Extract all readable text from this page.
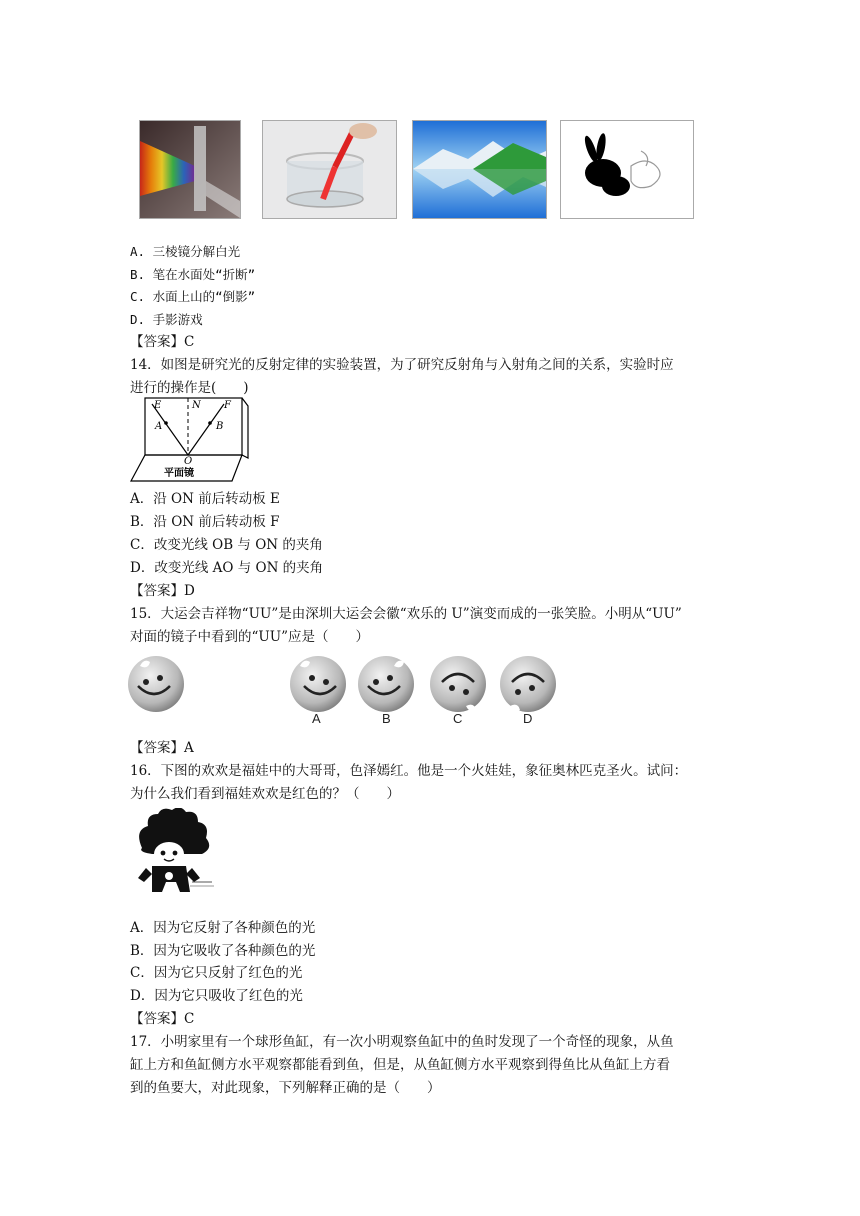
A. 三棱镜分解白光
B. 笔在水面处“折断”
C. 水面上山的“倒影”
D. 手影游戏
【答案】C
14．如图是研究光的反射定律的实验装置，为了研究反射角与入射角之间的关系，实验时应
进行的操作是(　　)
E	N F
A	B
O
平面镜
A．沿 ON 前后转动板 E
B．沿 ON 前后转动板 F
C．改变光线 OB 与 ON 的夹角
D．改变光线 AO 与 ON 的夹角
【答案】D
15．大运会吉祥物“UU”是由深圳大运会会徽“欢乐的 U”演变而成的一张笑脸。小明从“UU”
对面的镜子中看到的“UU”应是（　　）
A	B	C	D
【答案】A
16．下图的欢欢是福娃中的大哥哥，色泽嫣红。他是一个火娃娃，象征奥林匹克圣火。试问：
为什么我们看到福娃欢欢是红色的？（　　）
A．因为它反射了各种颜色的光
B．因为它吸收了各种颜色的光
C．因为它只反射了红色的光
D．因为它只吸收了红色的光
【答案】C
17．小明家里有一个球形鱼缸，有一次小明观察鱼缸中的鱼时发现了一个奇怪的现象，从鱼
缸上方和鱼缸侧方水平观察都能看到鱼，但是，从鱼缸侧方水平观察到得鱼比从鱼缸上方看
到的鱼要大，对此现象，下列解释正确的是（　　）
